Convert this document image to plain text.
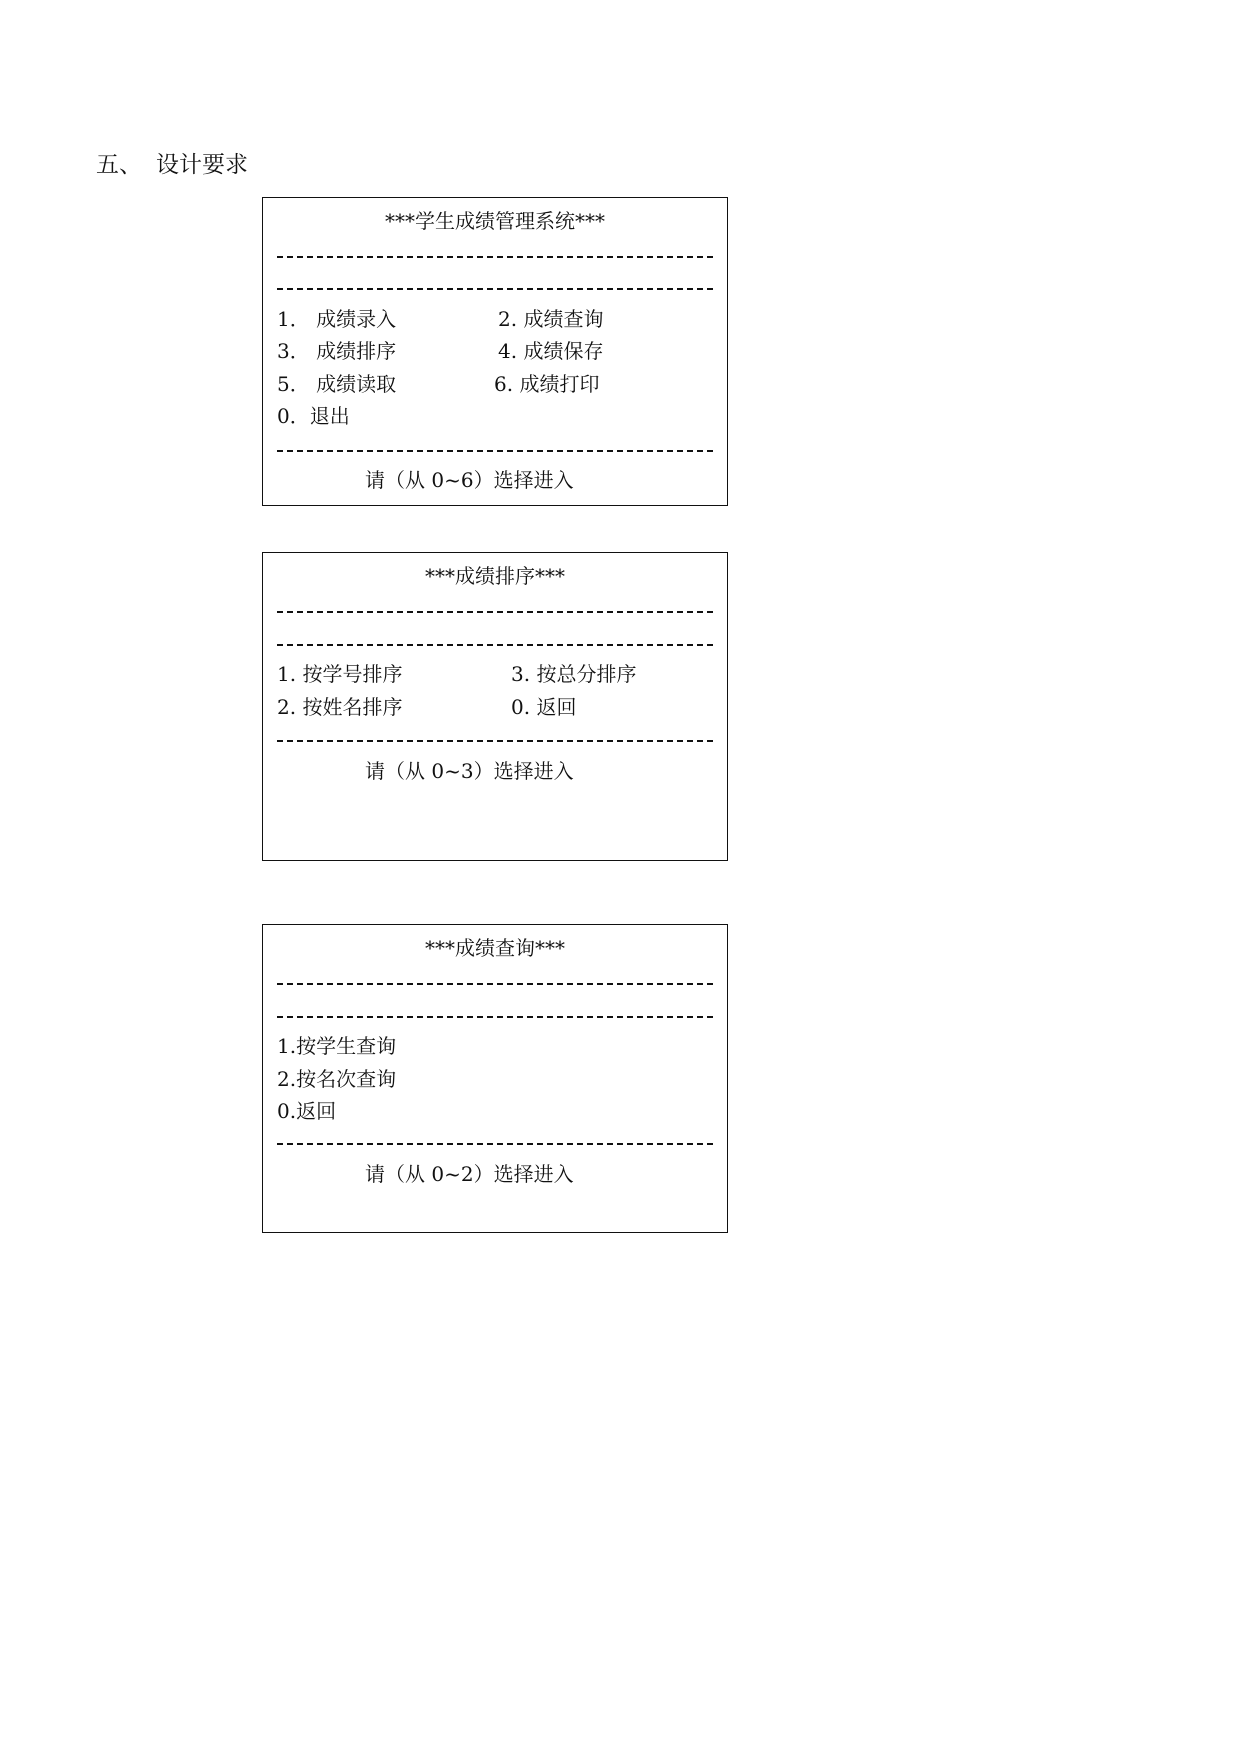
五、 设计要求
***学生成绩管理系统***
1． 成绩录入	2. 成绩查询
3． 成绩排序	4. 成绩保存
5． 成绩读取	6. 成绩打印
0．退出
请（从 0~6）选择进入
***成绩排序***
1. 按学号排序	3. 按总分排序
2. 按姓名排序	0. 返回
请（从 0~3）选择进入
***成绩查询***
1.按学生查询
2.按名次查询
0.返回
请（从 0~2）选择进入
